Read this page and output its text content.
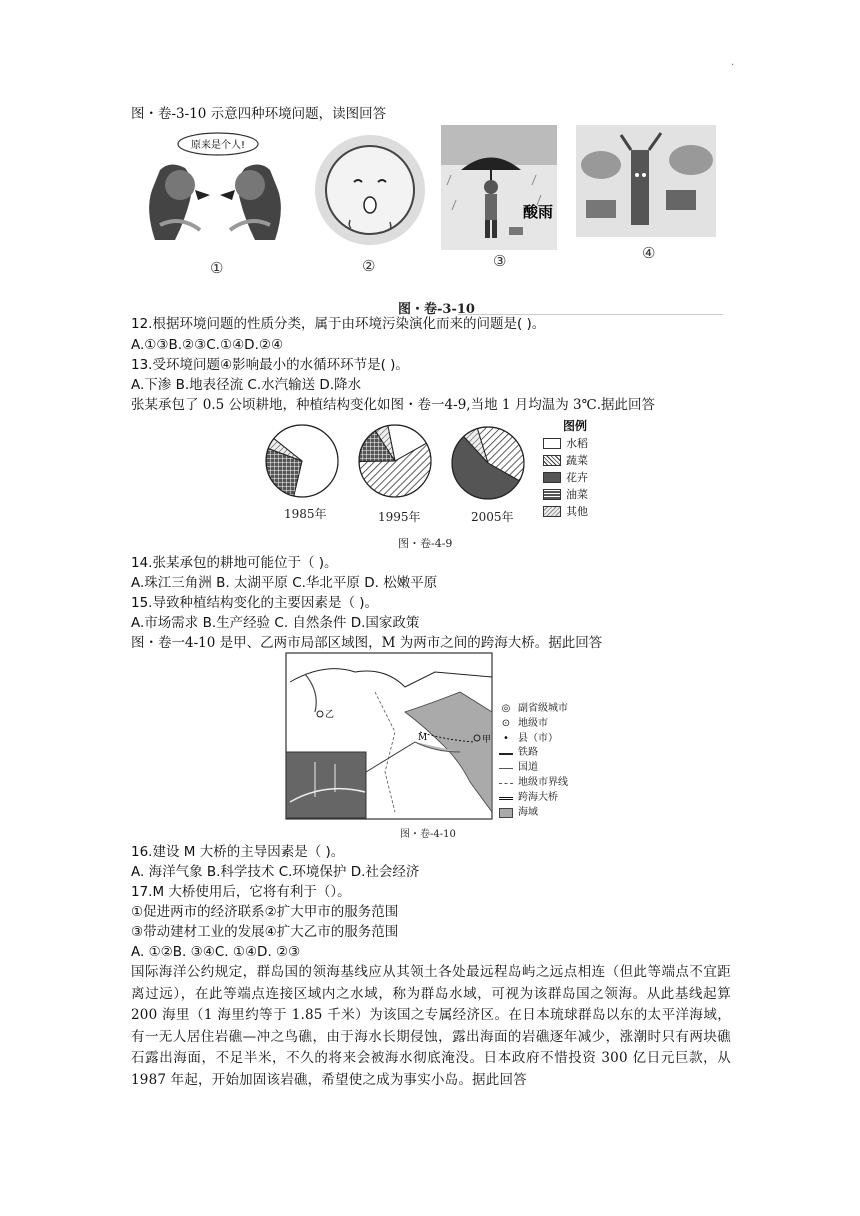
·
图・卷-3-10 示意四种环境问题，读图回答
原来是个人!
酸雨
①	②	③	④
图・卷-3-10
12.根据环境问题的性质分类，属于由环境污染演化而来的问题是( )。
A.①③B.②③C.①④D.②④
13.受环境问题④影响最小的水循环环节是( )。
A.下渗 B.地表径流 C.水汽输送 D.降水
张某承包了 0.5 公顷耕地，种植结构变化如图・卷一4-9,当地 1 月均温为 3℃.据此回答
1985年	1995年	2005年
图例
水稻
蔬菜
花卉
油菜
其他
图・卷-4-9
14.张某承包的耕地可能位于（ )。
A.珠江三角洲 B. 太湖平原 C.华北平原 D. 松嫩平原
15.导致种植结构变化的主要因素是（ )。
A.市场需求 B.生产经验 C. 自然条件 D.国家政策
图・卷一4-10 是甲、乙两市局部区域图，M 为两市之间的跨海大桥。据此回答
乙
甲
M
◎ 副省级城市
⊙ 地级市
• 县（市）
铁路
国道
地级市界线
跨海大桥
海域
图・卷-4-10
16.建设 M 大桥的主导因素是（ )。
A. 海洋气象 B.科学技术 C.环境保护 D.社会经济
17.M 大桥使用后，它将有利于（）。
①促进两市的经济联系②扩大甲市的服务范围
③带动建材工业的发展④扩大乙市的服务范围
A. ①②B. ③④C. ①④D. ②③
国际海洋公约规定，群岛国的领海基线应从其领土各处最远程岛屿之远点相连（但此等端点不宜距离过远），在此等端点连接区域内之水域，称为群岛水域，可视为该群岛国之领海。从此基线起算 200 海里（1 海里约等于 1.85 千米）为该国之专属经济区。在日本琉球群岛以东的太平洋海域，有一无人居住岩礁—冲之鸟礁，由于海水长期侵蚀，露出海面的岩礁逐年减少，涨潮时只有两块礁石露出海面，不足半米，不久的将来会被海水彻底淹没。日本政府不惜投资 300 亿日元巨款，从 1987 年起，开始加固该岩礁，希望使之成为事实小岛。据此回答
